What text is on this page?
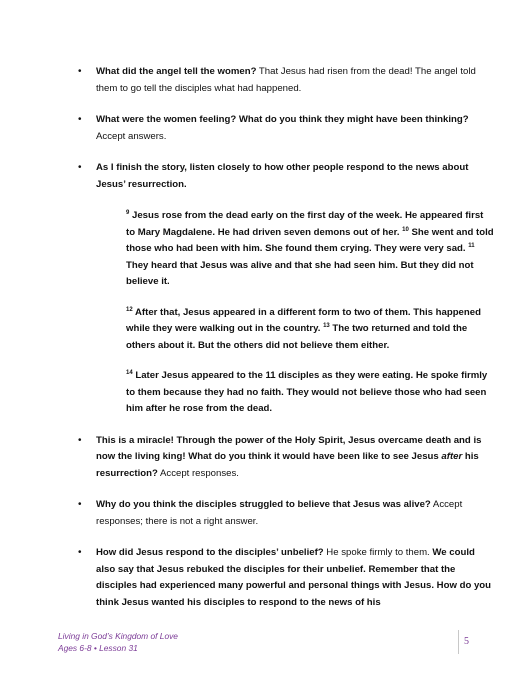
• What did the angel tell the women? That Jesus had risen from the dead! The angel told them to go tell the disciples what had happened.
• What were the women feeling? What do you think they might have been thinking? Accept answers.
• As I finish the story, listen closely to how other people respond to the news about Jesus’ resurrection.
$^9$ Jesus rose from the dead early on the first day of the week. He appeared first to Mary Magdalene. He had driven seven demons out of her. $^{10}$ She went and told those who had been with him. She found them crying. They were very sad. $^{11}$ They heard that Jesus was alive and that she had seen him. But they did not believe it.
$^{12}$ After that, Jesus appeared in a different form to two of them. This happened while they were walking out in the country. $^{13}$ The two returned and told the others about it. But the others did not believe them either.
$^{14}$ Later Jesus appeared to the 11 disciples as they were eating. He spoke firmly to them because they had no faith. They would not believe those who had seen him after he rose from the dead.
• This is a miracle! Through the power of the Holy Spirit, Jesus overcame death and is now the living king! What do you think it would have been like to see Jesus after his resurrection? Accept responses.
• Why do you think the disciples struggled to believe that Jesus was alive? Accept responses; there is not a right answer.
• How did Jesus respond to the disciples’ unbelief? He spoke firmly to them. We could also say that Jesus rebuked the disciples for their unbelief. Remember that the disciples had experienced many powerful and personal things with Jesus. How do you think Jesus wanted his disciples to respond to the news of his
Living in God’s Kingdom of Love
Ages 6-8 • Lesson 31
5
